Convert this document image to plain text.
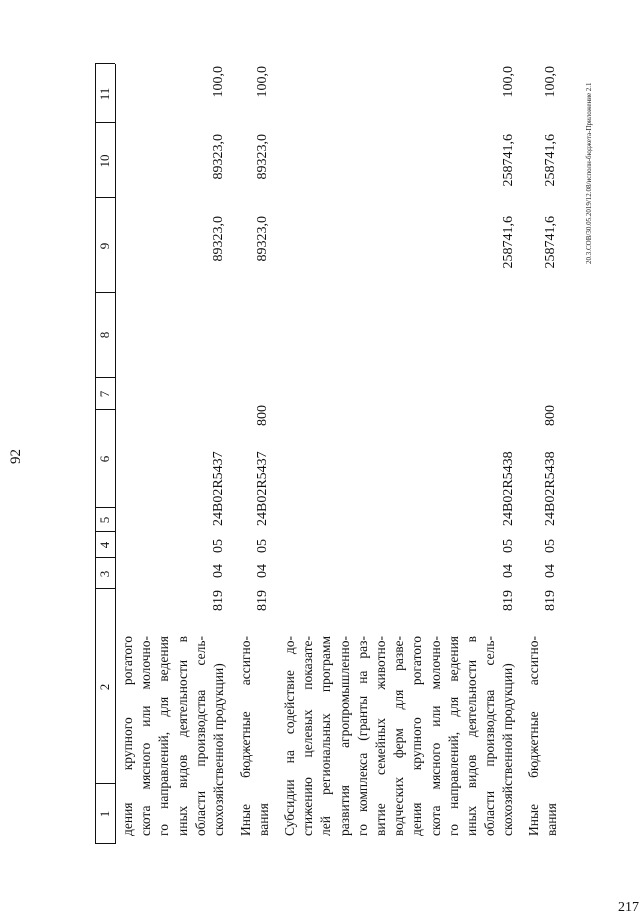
92
217
20.3.СОВ/30.05.2019/12.08/исполн-бюджета-Приложение 2.1
1
2
3
4
5
6
7
8
9
10
11
дения крупного рогатого скота мясного или молочно- го направлений, для ведения иных видов деятельности в области производства сель- скохозяйственной продукции)
819
04
05
24В02R5437
89323,0
89323,0
100,0
Иные бюджетные ассигно- вания
819
04
05
24В02R5437
800
89323,0
89323,0
100,0
Субсидии на содействие до- стижению целевых показате- лей региональных программ развития агропромышленно- го комплекса (гранты на раз- витие семейных животно- водческих ферм для разве- дения крупного рогатого скота мясного или молочно- го направлений, для ведения иных видов деятельности в области производства сель- скохозяйственной продукции)
819
04
05
24В02R5438
258741,6
258741,6
100,0
Иные бюджетные ассигно- вания
819
04
05
24В02R5438
800
258741,6
258741,6
100,0
